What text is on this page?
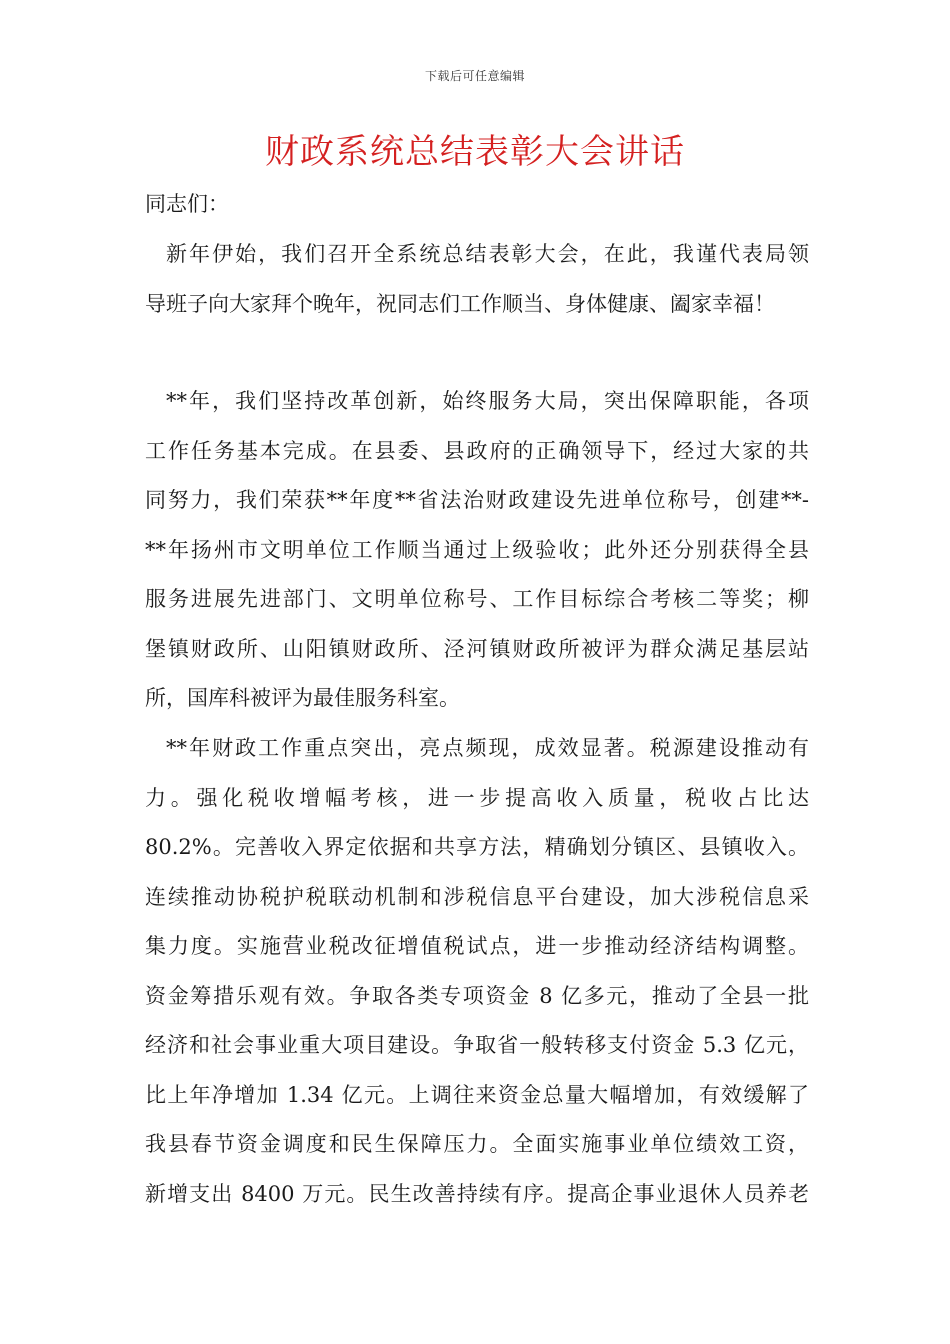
下载后可任意编辑
财政系统总结表彰大会讲话
同志们：
新年伊始，我们召开全系统总结表彰大会，在此，我谨代表局领
导班子向大家拜个晚年，祝同志们工作顺当、身体健康、阖家幸福！
**年，我们坚持改革创新，始终服务大局，突出保障职能，各项
工作任务基本完成。在县委、县政府的正确领导下，经过大家的共
同努力，我们荣获**年度**省法治财政建设先进单位称号，创建**-
**年扬州市文明单位工作顺当通过上级验收；此外还分别获得全县
服务进展先进部门、文明单位称号、工作目标综合考核二等奖；柳
堡镇财政所、山阳镇财政所、泾河镇财政所被评为群众满足基层站
所，国库科被评为最佳服务科室。
**年财政工作重点突出，亮点频现，成效显著。税源建设推动有
力。强化税收增幅考核，进一步提高收入质量，税收占比达
80.2%。完善收入界定依据和共享方法，精确划分镇区、县镇收入。
连续推动协税护税联动机制和涉税信息平台建设，加大涉税信息采
集力度。实施营业税改征增值税试点，进一步推动经济结构调整。
资金筹措乐观有效。争取各类专项资金 8 亿多元，推动了全县一批
经济和社会事业重大项目建设。争取省一般转移支付资金 5.3 亿元，
比上年净增加 1.34 亿元。上调往来资金总量大幅增加，有效缓解了
我县春节资金调度和民生保障压力。全面实施事业单位绩效工资，
新增支出 8400 万元。民生改善持续有序。提高企事业退休人员养老
